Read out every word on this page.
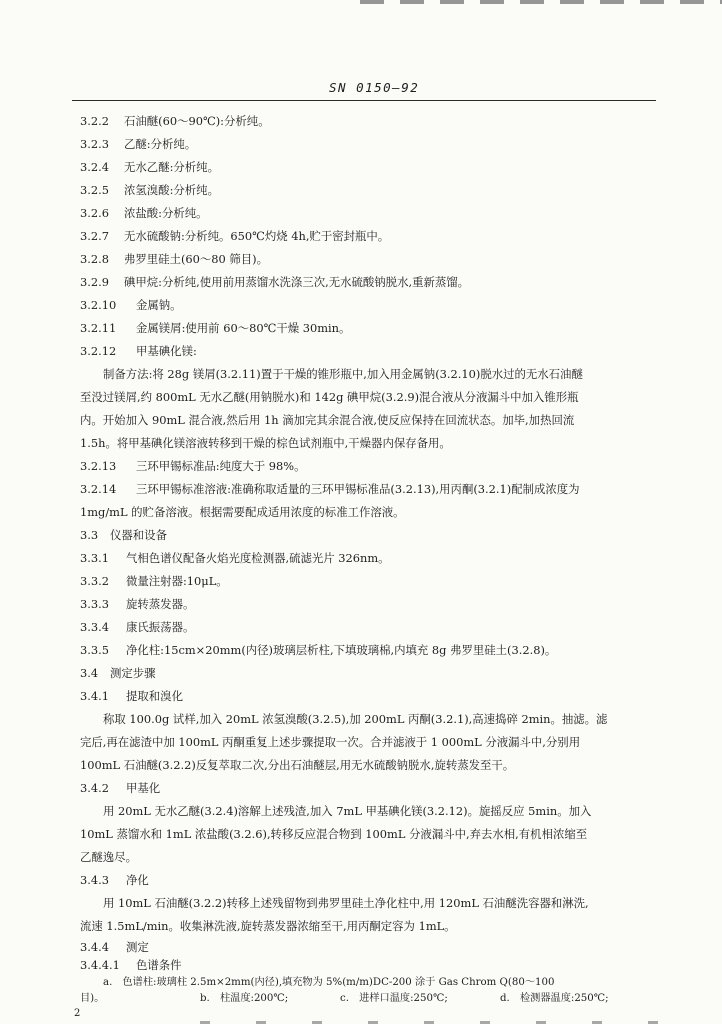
SN 0150—92
3.2.2 石油醚(60～90℃):分析纯。
3.2.3 乙醚:分析纯。
3.2.4 无水乙醚:分析纯。
3.2.5 浓氢溴酸:分析纯。
3.2.6 浓盐酸:分析纯。
3.2.7 无水硫酸钠:分析纯。650℃灼烧 4h,贮于密封瓶中。
3.2.8 弗罗里硅土(60～80 筛目)。
3.2.9 碘甲烷:分析纯,使用前用蒸馏水洗涤三次,无水硫酸钠脱水,重新蒸馏。
3.2.10 金属钠。
3.2.11 金属镁屑:使用前 60～80℃干燥 30min。
3.2.12 甲基碘化镁:
制备方法:将 28g 镁屑(3.2.11)置于干燥的锥形瓶中,加入用金属钠(3.2.10)脱水过的无水石油醚
至没过镁屑,约 800mL 无水乙醚(用钠脱水)和 142g 碘甲烷(3.2.9)混合液从分液漏斗中加入锥形瓶
内。开始加入 90mL 混合液,然后用 1h 滴加完其余混合液,使反应保持在回流状态。加毕,加热回流
1.5h。将甲基碘化镁溶液转移到干燥的棕色试剂瓶中,干燥器内保存备用。
3.2.13 三环甲锡标准品:纯度大于 98%。
3.2.14 三环甲锡标准溶液:准确称取适量的三环甲锡标准品(3.2.13),用丙酮(3.2.1)配制成浓度为
1mg/mL 的贮备溶液。根据需要配成适用浓度的标准工作溶液。
3.3 仪器和设备
3.3.1 气相色谱仪配备火焰光度检测器,硫滤光片 326nm。
3.3.2 微量注射器:10μL。
3.3.3 旋转蒸发器。
3.3.4 康氏振荡器。
3.3.5 净化柱:15cm×20mm(内径)玻璃层析柱,下填玻璃棉,内填充 8g 弗罗里硅土(3.2.8)。
3.4 测定步骤
3.4.1 提取和溴化
称取 100.0g 试样,加入 20mL 浓氢溴酸(3.2.5),加 200mL 丙酮(3.2.1),高速捣碎 2min。抽滤。滤
完后,再在滤渣中加 100mL 丙酮重复上述步骤提取一次。合并滤液于 1 000mL 分液漏斗中,分别用
100mL 石油醚(3.2.2)反复萃取二次,分出石油醚层,用无水硫酸钠脱水,旋转蒸发至干。
3.4.2 甲基化
用 20mL 无水乙醚(3.2.4)溶解上述残渣,加入 7mL 甲基碘化镁(3.2.12)。旋摇反应 5min。加入
10mL 蒸馏水和 1mL 浓盐酸(3.2.6),转移反应混合物到 100mL 分液漏斗中,弃去水相,有机相浓缩至
乙醚逸尽。
3.4.3 净化
用 10mL 石油醚(3.2.2)转移上述残留物到弗罗里硅土净化柱中,用 120mL 石油醚洗容器和淋洗,
流速 1.5mL/min。收集淋洗液,旋转蒸发器浓缩至干,用丙酮定容为 1mL。
3.4.4 测定
3.4.4.1 色谱条件
a.　色谱柱:玻璃柱 2.5m×2mm(内径),填充物为 5%(m/m)DC-200 涂于 Gas Chrom Q(80～100
目)。	b.　柱温度:200℃;	c.　进样口温度:250℃;	d.　检测器温度:250℃;
2
